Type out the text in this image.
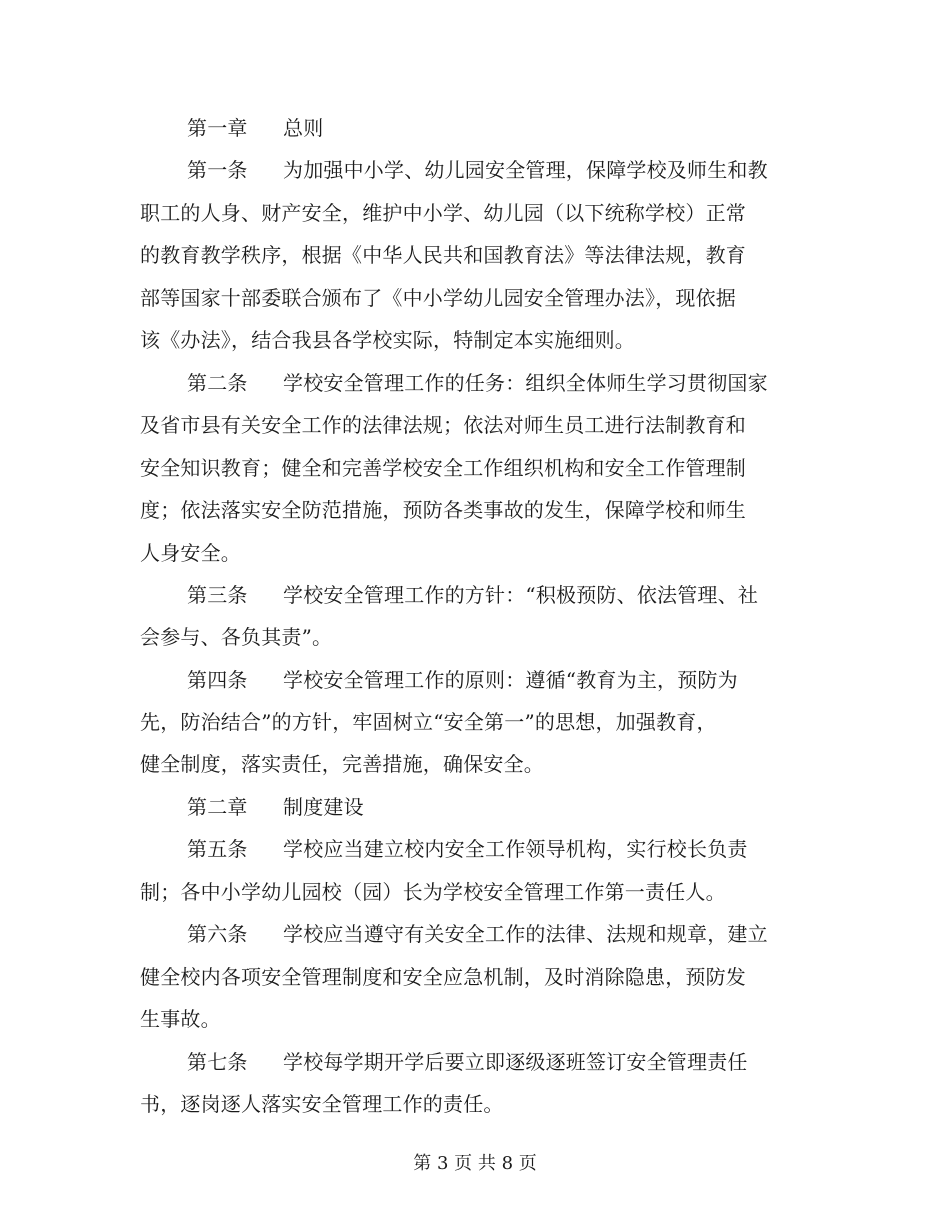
第一章 总则
第一条 为加强中小学、幼儿园安全管理，保障学校及师生和教
职工的人身、财产安全，维护中小学、幼儿园（以下统称学校）正常
的教育教学秩序，根据《中华人民共和国教育法》等法律法规，教育
部等国家十部委联合颁布了《中小学幼儿园安全管理办法》，现依据
该《办法》，结合我县各学校实际，特制定本实施细则。
第二条 学校安全管理工作的任务：组织全体师生学习贯彻国家
及省市县有关安全工作的法律法规；依法对师生员工进行法制教育和
安全知识教育；健全和完善学校安全工作组织机构和安全工作管理制
度；依法落实安全防范措施，预防各类事故的发生，保障学校和师生
人身安全。
第三条 学校安全管理工作的方针：“积极预防、依法管理、社
会参与、各负其责”。
第四条 学校安全管理工作的原则：遵循“教育为主，预防为
先，防治结合”的方针，牢固树立“安全第一”的思想，加强教育，
健全制度，落实责任，完善措施，确保安全。
第二章 制度建设
第五条 学校应当建立校内安全工作领导机构，实行校长负责
制；各中小学幼儿园校（园）长为学校安全管理工作第一责任人。
第六条 学校应当遵守有关安全工作的法律、法规和规章，建立
健全校内各项安全管理制度和安全应急机制，及时消除隐患，预防发
生事故。
第七条 学校每学期开学后要立即逐级逐班签订安全管理责任
书，逐岗逐人落实安全管理工作的责任。
第 3 页 共 8 页
